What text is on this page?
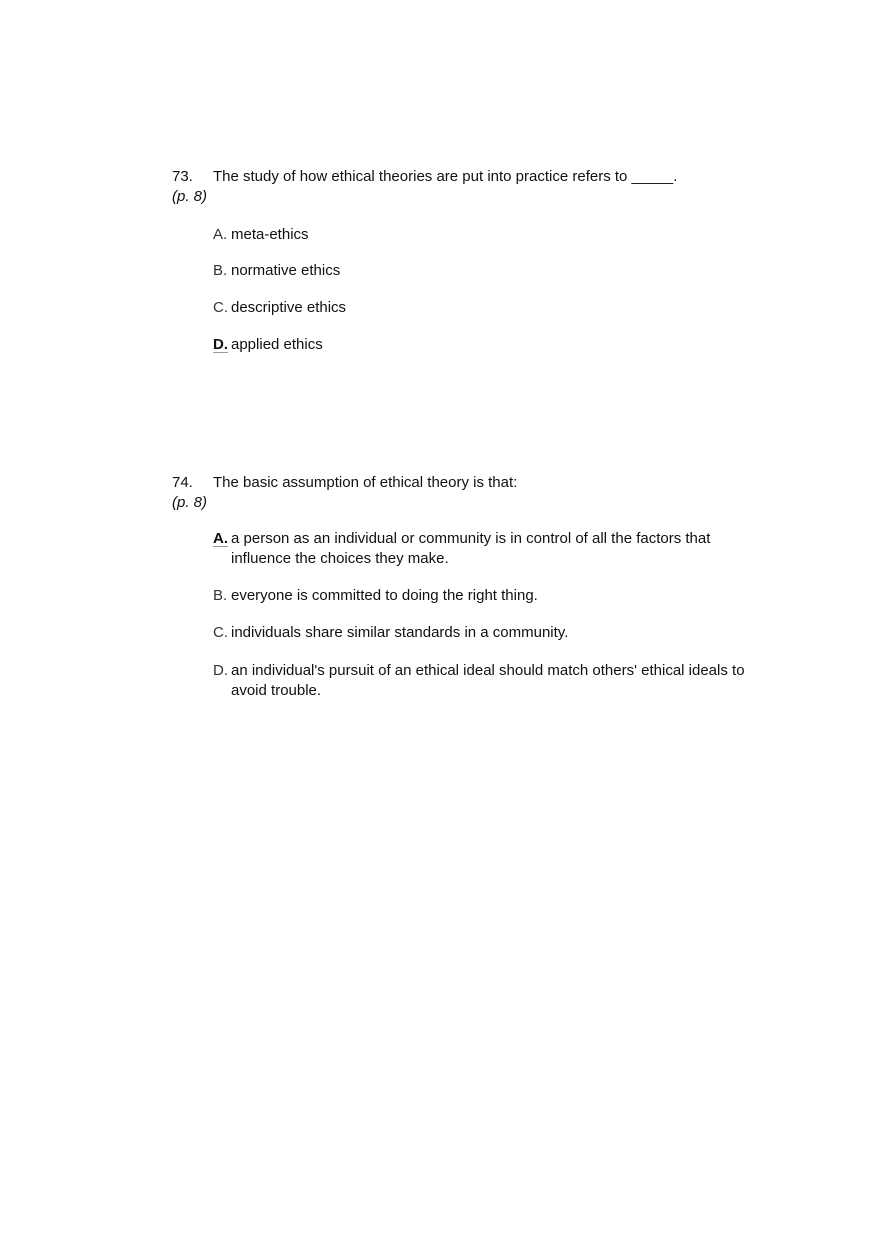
73. The study of how ethical theories are put into practice refers to _____.
(p. 8)
A. meta-ethics
B. normative ethics
C. descriptive ethics
D. applied ethics
74. The basic assumption of ethical theory is that:
(p. 8)
A. a person as an individual or community is in control of all the factors that influence the choices they make.
B. everyone is committed to doing the right thing.
C. individuals share similar standards in a community.
D. an individual's pursuit of an ethical ideal should match others' ethical ideals to avoid trouble.
